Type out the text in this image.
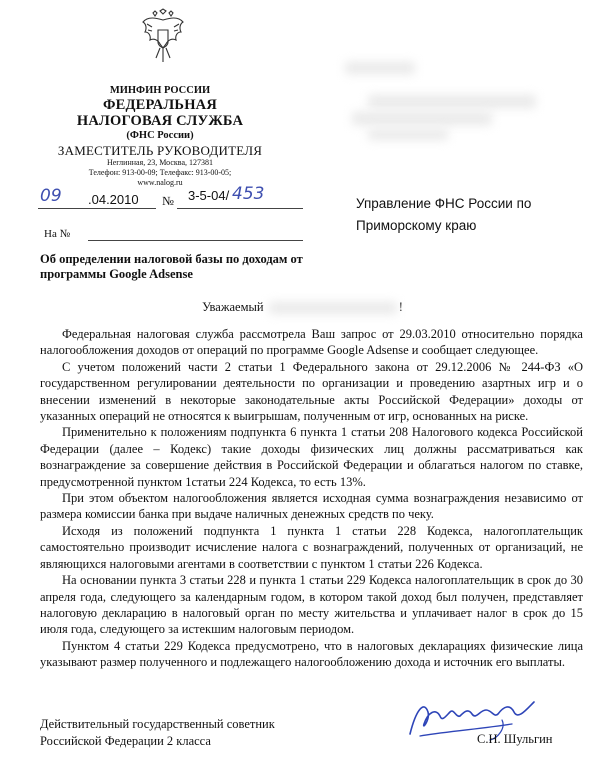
МИНФИН РОССИИ
ФЕДЕРАЛЬНАЯ
НАЛОГОВАЯ СЛУЖБА
(ФНС России)
ЗАМЕСТИТЕЛЬ РУКОВОДИТЕЛЯ
Неглинная, 23, Москва, 127381
Телефон: 913-00-09; Телефакс: 913-00-05;
www.nalog.ru
09 .04.2010 № 3-5-04/ 453
На №
Управление ФНС России по
Приморскому краю
Об определении налоговой базы по доходам от программы Google Adsense
Уважаемый	!

Федеральная налоговая служба рассмотрела Ваш запрос от 29.03.2010 относительно порядка налогообложения доходов от операций по программе Google Adsense и сообщает следующее.

С учетом положений части 2 статьи 1 Федерального закона от 29.12.2006 № 244-ФЗ «О государственном регулировании деятельности по организации и проведению азартных игр и о внесении изменений в некоторые законодательные акты Российской Федерации» доходы от указанных операций не относятся к выигрышам, полученным от игр, основанных на риске.

Применительно к положениям подпункта 6 пункта 1 статьи 208 Налогового кодекса Российской Федерации (далее – Кодекс) такие доходы физических лиц должны рассматриваться как вознаграждение за совершение действия в Российской Федерации и облагаться налогом по ставке, предусмотренной пунктом 1статьи 224 Кодекса, то есть 13%.

При этом объектом налогообложения является исходная сумма вознаграждения независимо от размера комиссии банка при выдаче наличных денежных средств по чеку.

Исходя из положений подпункта 1 пункта 1 статьи 228 Кодекса, налогоплательщик самостоятельно производит исчисление налога с вознаграждений, полученных от организаций, не являющихся налоговыми агентами в соответствии с пунктом 1 статьи 226 Кодекса.

На основании пункта 3 статьи 228 и пункта 1 статьи 229 Кодекса налогоплательщик в срок до 30 апреля года, следующего за календарным годом, в котором такой доход был получен, представляет налоговую декларацию в налоговый орган по месту жительства и уплачивает налог в срок до 15 июля года, следующего за истекшим налоговым периодом.

Пунктом 4 статьи 229 Кодекса предусмотрено, что в налоговых декларациях физические лица указывают размер полученного и подлежащего налогообложению дохода и источник его выплаты.

Действительный государственный советник
Российской Федерации 2 класса	С.Н. Шульгин
